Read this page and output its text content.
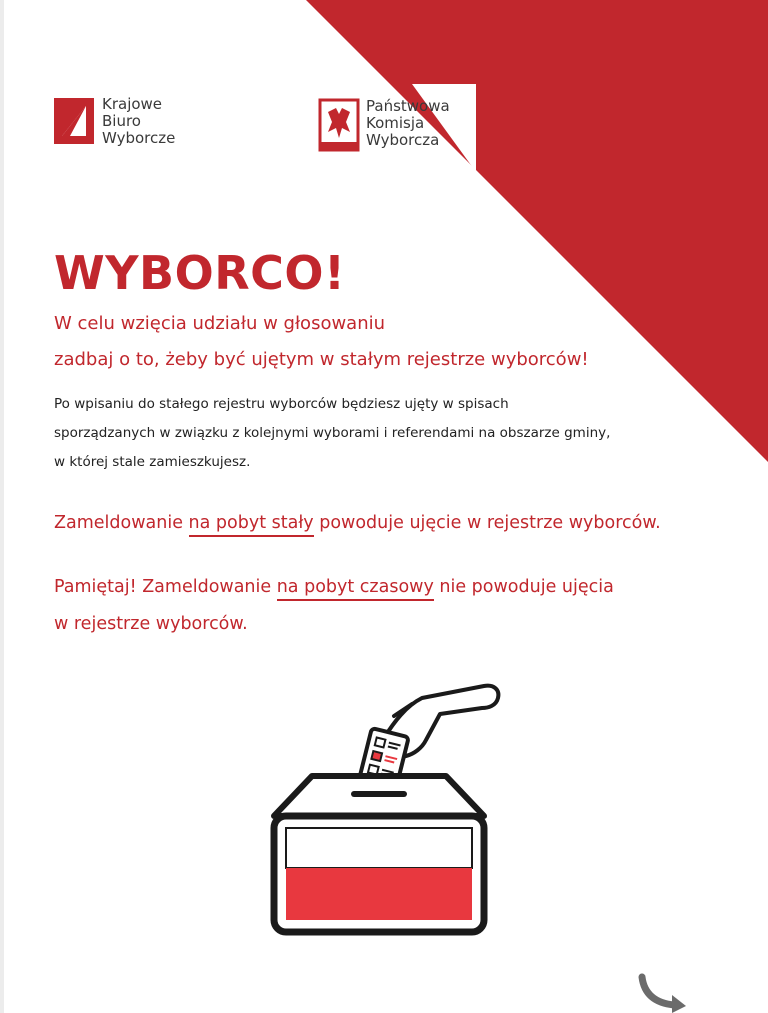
Krajowe
Biuro
Wyborcze
Państwowa
Komisja
Wyborcza
WYBORCO!
W celu wzięcia udziału w głosowaniu
zadbaj o to, żeby być ujętym w stałym rejestrze wyborców!
Po wpisaniu do stałego rejestru wyborców będziesz ujęty w spisach
sporządzanych w związku z kolejnymi wyborami i referendami na obszarze gminy,
w której stale zamieszkujesz.
Zameldowanie na pobyt stały powoduje ujęcie w rejestrze wyborców.
Pamiętaj! Zameldowanie na pobyt czasowy nie powoduje ujęcia
w rejestrze wyborców.
